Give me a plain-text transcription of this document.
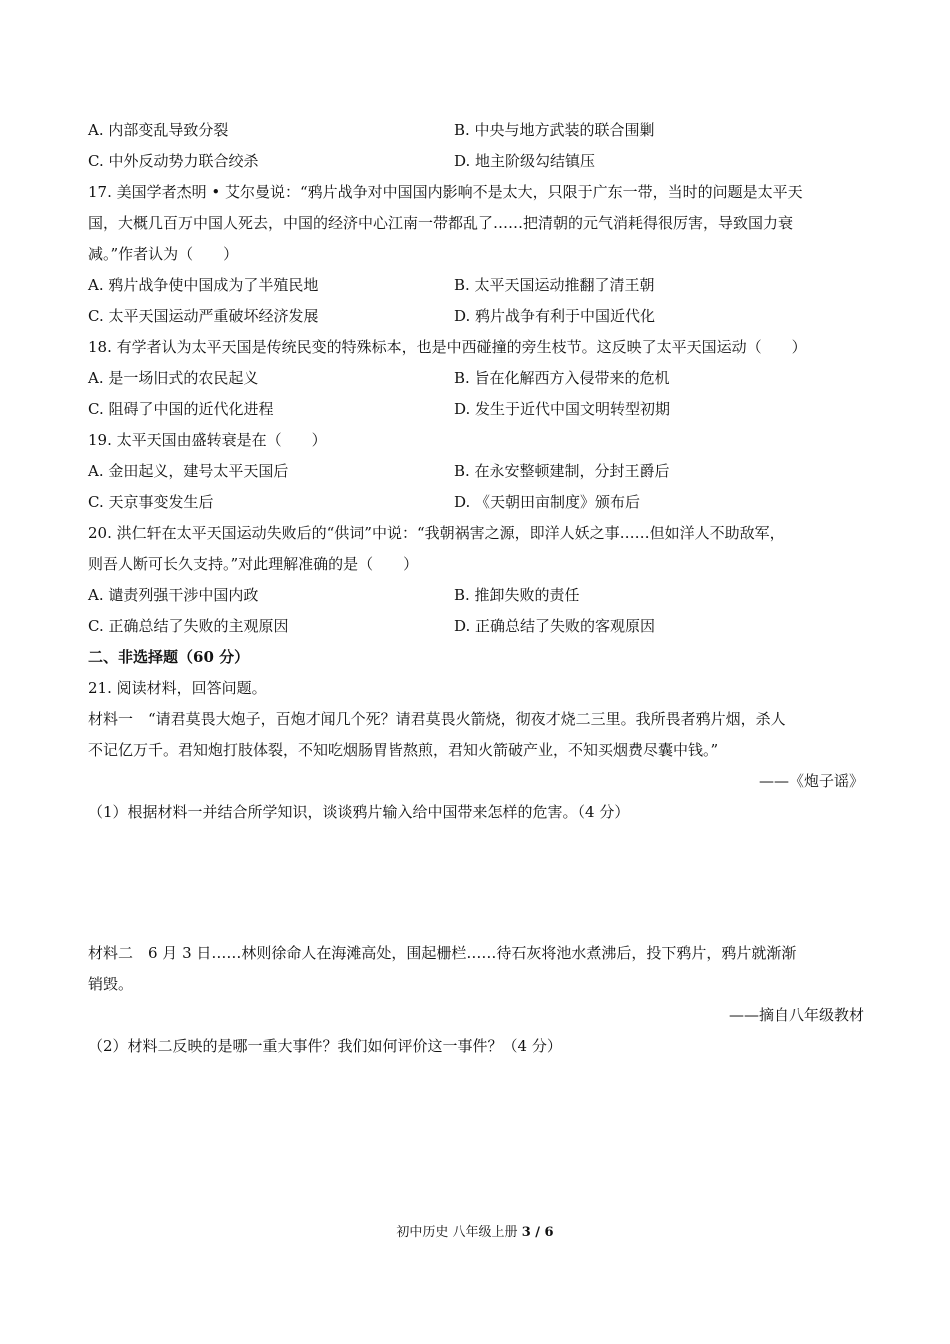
A. 内部变乱导致分裂	B. 中央与地方武装的联合围剿
C. 中外反动势力联合绞杀	D. 地主阶级勾结镇压
17. 美国学者杰明 • 艾尔曼说：“鸦片战争对中国国内影响不是太大，只限于广东一带，当时的问题是太平天
国，大概几百万中国人死去，中国的经济中心江南一带都乱了……把清朝的元气消耗得很厉害，导致国力衰
减。”作者认为（　　）
A. 鸦片战争使中国成为了半殖民地	B. 太平天国运动推翻了清王朝
C. 太平天国运动严重破坏经济发展	D. 鸦片战争有利于中国近代化
18. 有学者认为太平天国是传统民变的特殊标本，也是中西碰撞的旁生枝节。这反映了太平天国运动（　　）
A. 是一场旧式的农民起义	B. 旨在化解西方入侵带来的危机
C. 阻碍了中国的近代化进程	D. 发生于近代中国文明转型初期
19. 太平天国由盛转衰是在（　　）
A. 金田起义，建号太平天国后	B. 在永安整顿建制，分封王爵后
C. 天京事变发生后	D. 《天朝田亩制度》颁布后
20. 洪仁轩在太平天国运动失败后的“供词”中说：“我朝祸害之源，即洋人妖之事……但如洋人不助敌军，
则吾人断可长久支持。”对此理解准确的是（　　）
A. 谴责列强干涉中国内政	B. 推卸失败的责任
C. 正确总结了失败的主观原因	D. 正确总结了失败的客观原因
二、非选择题（60 分）
21. 阅读材料，回答问题。
材料一　“请君莫畏大炮子，百炮才闻几个死？请君莫畏火箭烧，彻夜才烧二三里。我所畏者鸦片烟，杀人
不记亿万千。君知炮打肢体裂，不知吃烟肠胃皆熬煎，君知火箭破产业，不知买烟费尽囊中钱。”
——《炮子谣》
（1）根据材料一并结合所学知识，谈谈鸦片输入给中国带来怎样的危害。（4 分）
材料二　6 月 3 日……林则徐命人在海滩高处，围起栅栏……待石灰将池水煮沸后，投下鸦片，鸦片就渐渐
销毁。
——摘自八年级教材
（2）材料二反映的是哪一重大事件？我们如何评价这一事件？（4 分）
初中历史 八年级上册 3 / 6
